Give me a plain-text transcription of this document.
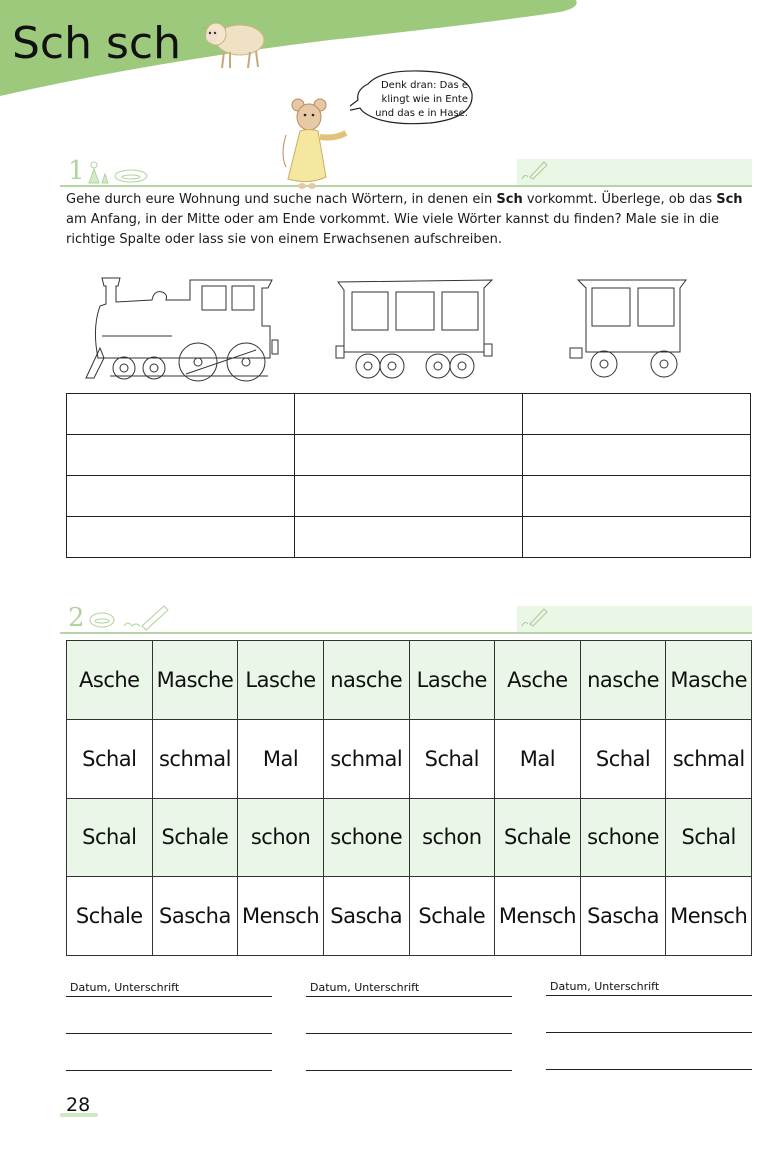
Sch sch
Denk dran: Das e
klingt wie in Ente
und das e in Hase.
1
Gehe durch eure Wohnung und suche nach Wörtern, in denen ein Sch vorkommt. Überlege, ob das Sch am Anfang, in der Mitte oder am Ende vorkommt. Wie viele Wörter kannst du finden? Male sie in die richtige Spalte oder lass sie von einem Erwachsenen aufschreiben.

2
Asche	Masche	Lasche	nasche	Lasche	Asche	nasche	Masche
Schal	schmal	Mal	schmal	Schal	Mal	Schal	schmal
Schal	Schale	schon	schone	schon	Schale	schone	Schal
Schale	Sascha	Mensch	Sascha	Schale	Mensch	Sascha	Mensch
Datum, Unterschrift	Datum, Unterschrift	Datum, Unterschrift
28
